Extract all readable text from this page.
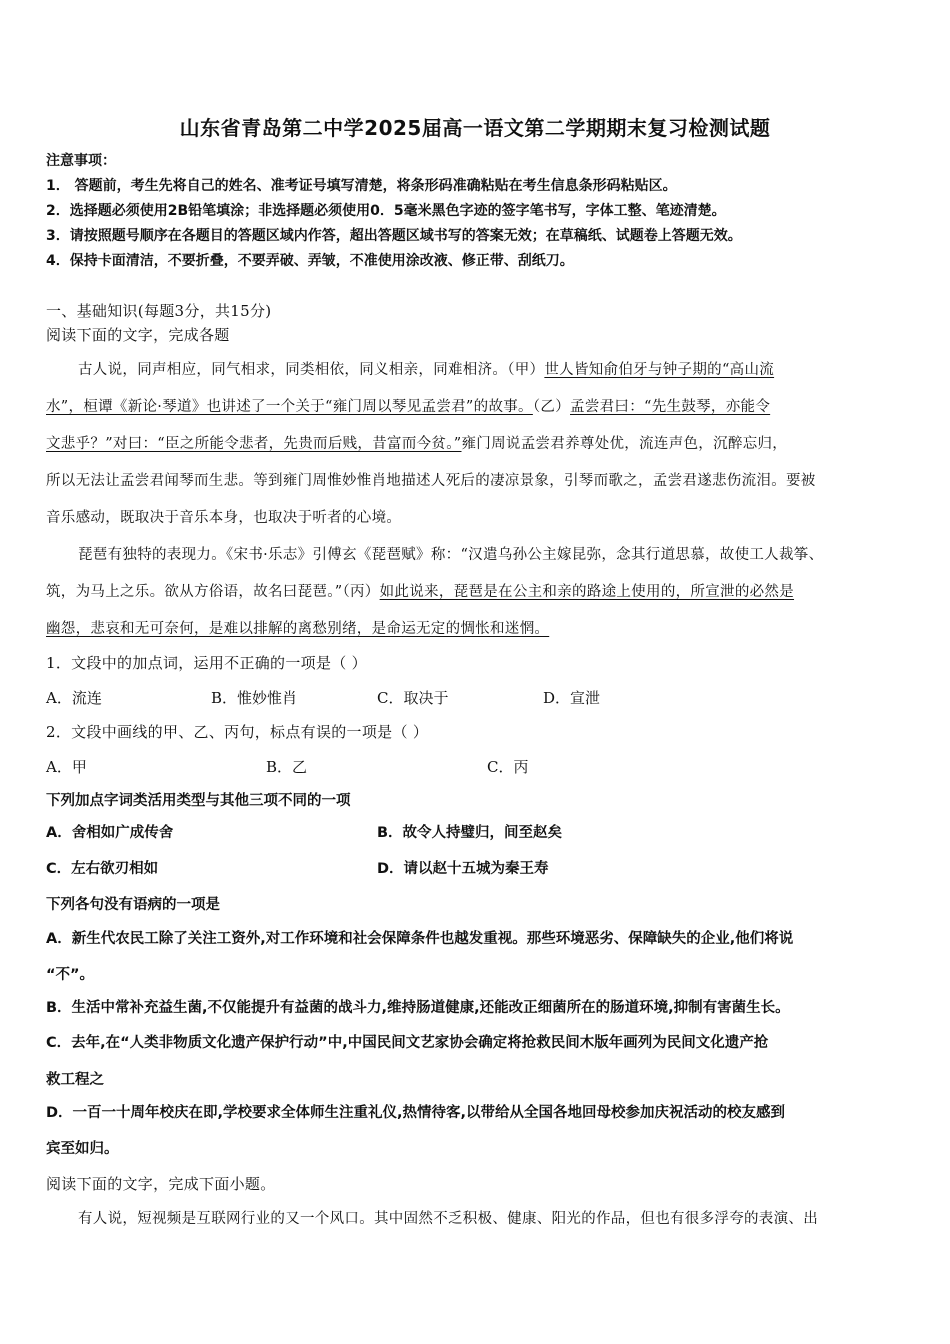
山东省青岛第二中学2025届高一语文第二学期期末复习检测试题
注意事项：
1． 答题前，考生先将自己的姓名、准考证号填写清楚，将条形码准确粘贴在考生信息条形码粘贴区。
2．选择题必须使用2B铅笔填涂；非选择题必须使用0．5毫米黑色字迹的签字笔书写，字体工整、笔迹清楚。
3．请按照题号顺序在各题目的答题区域内作答，超出答题区域书写的答案无效；在草稿纸、试题卷上答题无效。
4．保持卡面清洁，不要折叠，不要弄破、弄皱，不准使用涂改液、修正带、刮纸刀。
一、基础知识(每题3分，共15分)
阅读下面的文字，完成各题
古人说，同声相应，同气相求，同类相依，同义相亲，同难相济。（甲）世人皆知俞伯牙与钟子期的“高山流
水”，桓谭《新论·琴道》也讲述了一个关于“雍门周以琴见孟尝君”的故事。（乙）孟尝君曰：“先生鼓琴，亦能令
文悲乎？”对曰：“臣之所能令悲者，先贵而后贱，昔富而今贫。”雍门周说孟尝君养尊处优，流连声色，沉醉忘归，
所以无法让孟尝君闻琴而生悲。等到雍门周惟妙惟肖地描述人死后的凄凉景象，引琴而歌之，孟尝君遂悲伤流泪。要被
音乐感动，既取决于音乐本身，也取决于听者的心境。
琵琶有独特的表现力。《宋书·乐志》引傅玄《琵琶赋》称：“汉遣乌孙公主嫁昆弥，念其行道思慕，故使工人裁筝、
筑，为马上之乐。欲从方俗语，故名曰琵琶。”（丙）如此说来，琵琶是在公主和亲的路途上使用的，所宣泄的必然是
幽怨，悲哀和无可奈何，是难以排解的离愁别绪，是命运无定的惆怅和迷惘。
1．文段中的加点词，运用不正确的一项是（ ）
A．流连	B．惟妙惟肖	C．取决于	D．宣泄
2．文段中画线的甲、乙、丙句，标点有误的一项是（ ）
A．甲	B．乙	C．丙
下列加点字词类活用类型与其他三项不同的一项
A．舍相如广成传舍	B．故令人持璧归，间至赵矣
C．左右欲刃相如	D．请以赵十五城为秦王寿
下列各句没有语病的一项是
A．新生代农民工除了关注工资外,对工作环境和社会保障条件也越发重视。那些环境恶劣、保障缺失的企业,他们将说
“不”。
B．生活中常补充益生菌,不仅能提升有益菌的战斗力,维持肠道健康,还能改正细菌所在的肠道环境,抑制有害菌生长。
C．去年,在“人类非物质文化遗产保护行动”中,中国民间文艺家协会确定将抢救民间木版年画列为民间文化遗产抢
救工程之
D．一百一十周年校庆在即,学校要求全体师生注重礼仪,热情待客,以带给从全国各地回母校参加庆祝活动的校友感到
宾至如归。
阅读下面的文字，完成下面小题。
有人说，短视频是互联网行业的又一个风口。其中固然不乏积极、健康、阳光的作品，但也有很多浮夸的表演、出
